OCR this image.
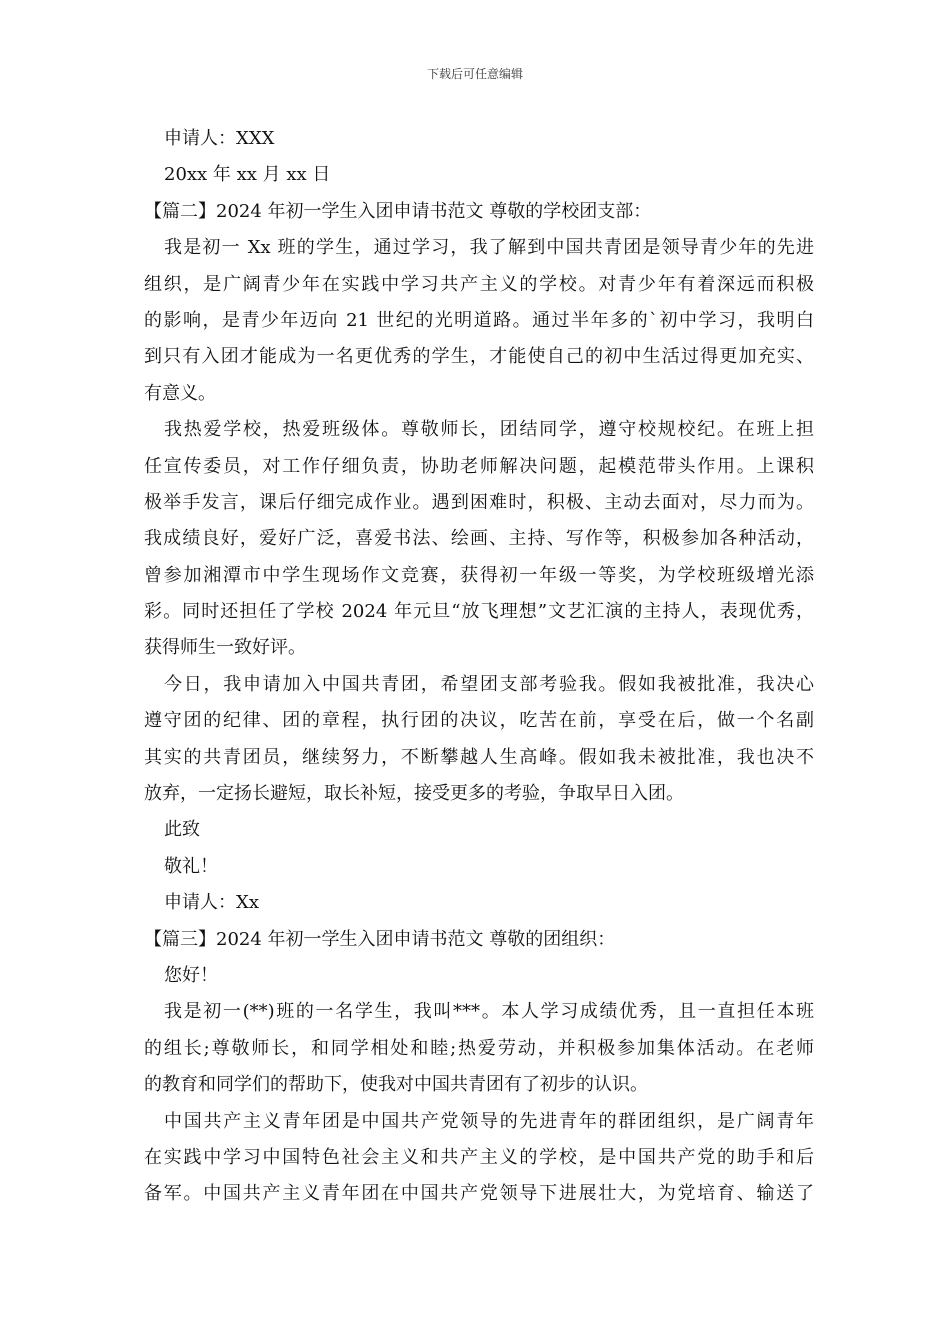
下载后可任意编辑
申请人：XXX
20xx 年 xx 月 xx 日
【篇二】2024 年初一学生入团申请书范文 尊敬的学校团支部：
我是初一 Xx 班的学生，通过学习，我了解到中国共青团是领导青少年的先进
组织，是广阔青少年在实践中学习共产主义的学校。对青少年有着深远而积极
的影响，是青少年迈向 21 世纪的光明道路。通过半年多的`初中学习，我明白
到只有入团才能成为一名更优秀的学生，才能使自己的初中生活过得更加充实、
有意义。
我热爱学校，热爱班级体。尊敬师长，团结同学，遵守校规校纪。在班上担
任宣传委员，对工作仔细负责，协助老师解决问题，起模范带头作用。上课积
极举手发言，课后仔细完成作业。遇到困难时，积极、主动去面对，尽力而为。
我成绩良好，爱好广泛，喜爱书法、绘画、主持、写作等，积极参加各种活动，
曾参加湘潭市中学生现场作文竞赛，获得初一年级一等奖，为学校班级增光添
彩。同时还担任了学校 2024 年元旦“放飞理想”文艺汇演的主持人，表现优秀，
获得师生一致好评。
今日，我申请加入中国共青团，希望团支部考验我。假如我被批准，我决心
遵守团的纪律、团的章程，执行团的决议，吃苦在前，享受在后，做一个名副
其实的共青团员，继续努力，不断攀越人生高峰。假如我未被批准，我也决不
放弃，一定扬长避短，取长补短，接受更多的考验，争取早日入团。
此致
敬礼！
申请人：Xx
【篇三】2024 年初一学生入团申请书范文 尊敬的团组织：
您好！
我是初一(**)班的一名学生，我叫***。本人学习成绩优秀，且一直担任本班
的组长;尊敬师长，和同学相处和睦;热爱劳动，并积极参加集体活动。在老师
的教育和同学们的帮助下，使我对中国共青团有了初步的认识。
中国共产主义青年团是中国共产党领导的先进青年的群团组织，是广阔青年
在实践中学习中国特色社会主义和共产主义的学校，是中国共产党的助手和后
备军。中国共产主义青年团在中国共产党领导下进展壮大，为党培育、输送了
